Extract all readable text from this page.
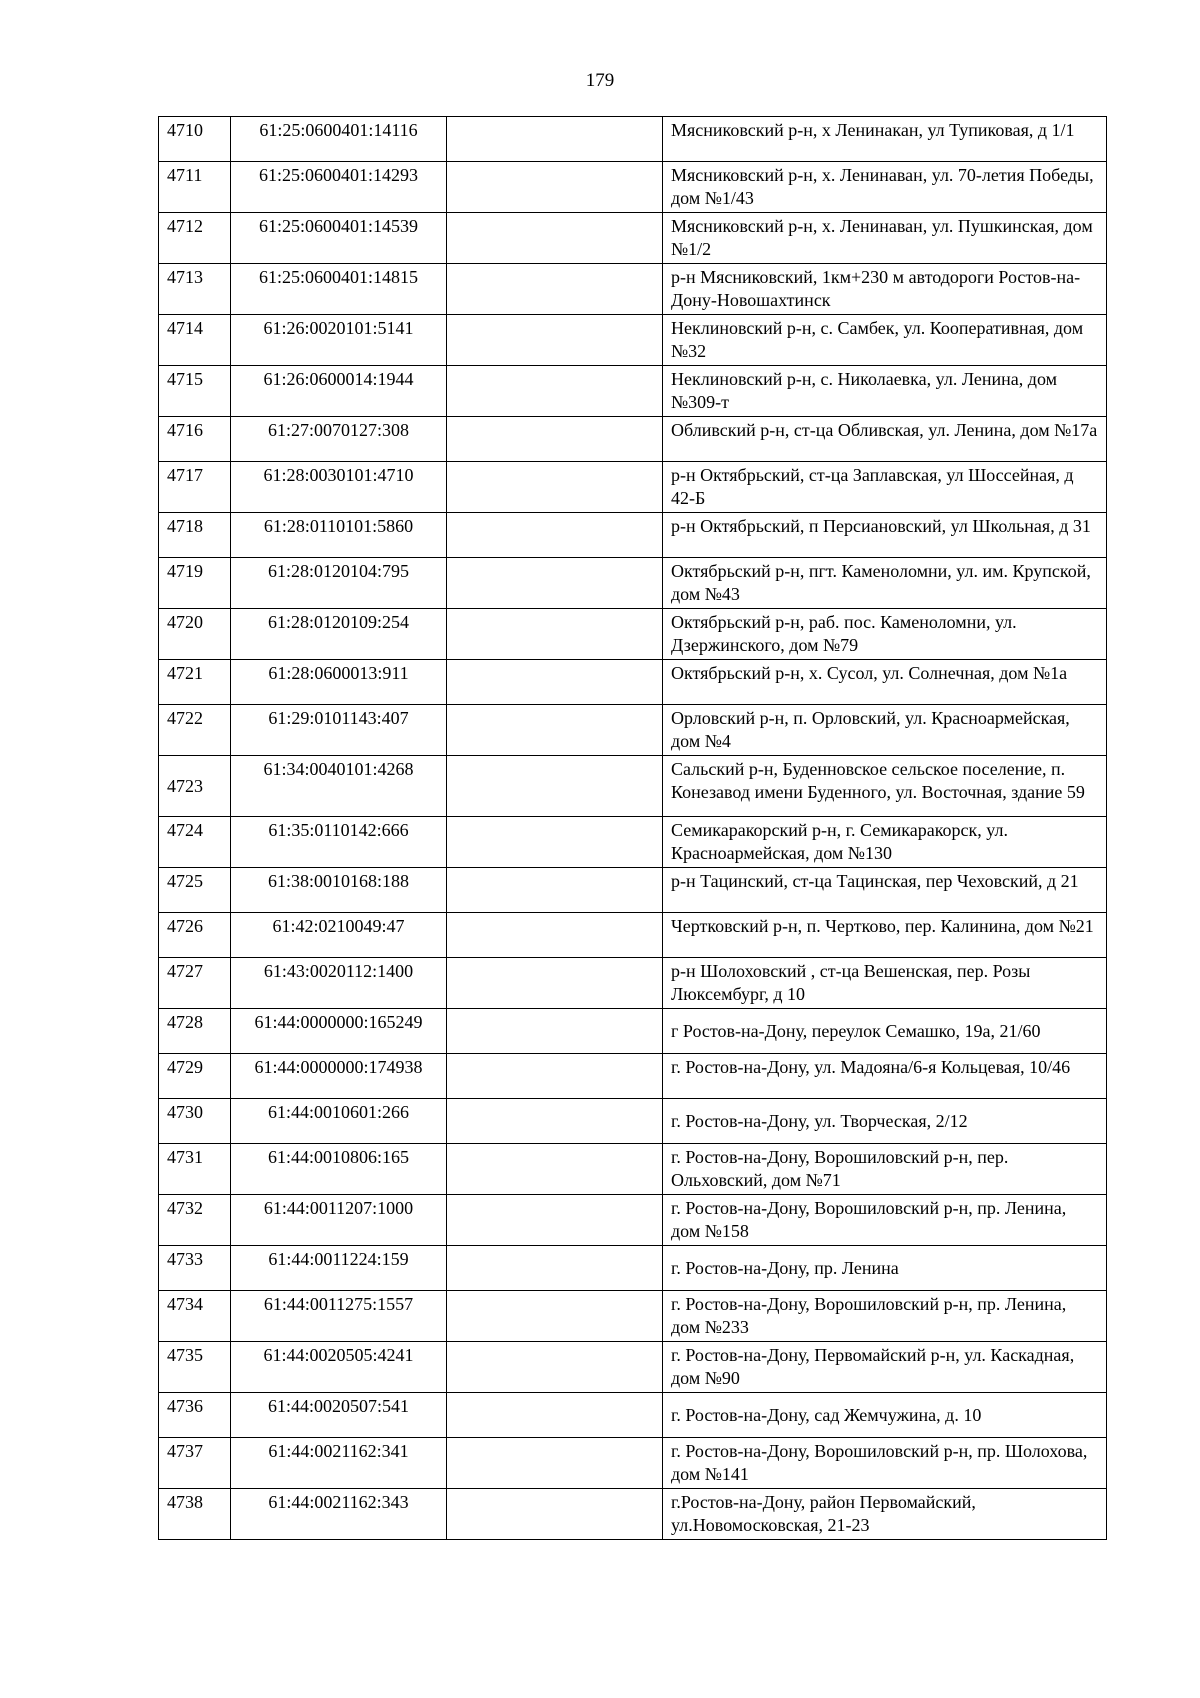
179
4710	61:25:0600401:14116		Мясниковский р-н, х Ленинакан, ул Тупиковая, д 1/1
4711	61:25:0600401:14293		Мясниковский р-н, х. Ленинаван, ул. 70-летия Победы, дом №1/43
4712	61:25:0600401:14539		Мясниковский р-н, х. Ленинаван, ул. Пушкинская, дом №1/2
4713	61:25:0600401:14815		р-н Мясниковский, 1км+230 м автодороги Ростов-на-Дону-Новошахтинск
4714	61:26:0020101:5141		Неклиновский р-н, с. Самбек, ул. Кооперативная, дом №32
4715	61:26:0600014:1944		Неклиновский р-н, с. Николаевка, ул. Ленина, дом №309-т
4716	61:27:0070127:308		Обливский р-н, ст-ца Обливская, ул. Ленина, дом №17а
4717	61:28:0030101:4710		р-н Октябрьский, ст-ца Заплавская, ул Шоссейная, д 42-Б
4718	61:28:0110101:5860		р-н Октябрьский, п Персиановский, ул Школьная, д 31
4719	61:28:0120104:795		Октябрьский р-н, пгт. Каменоломни, ул. им. Крупской, дом №43
4720	61:28:0120109:254		Октябрьский р-н, раб. пос. Каменоломни, ул. Дзержинского, дом №79
4721	61:28:0600013:911		Октябрьский р-н, х. Сусол, ул. Солнечная, дом №1а
4722	61:29:0101143:407		Орловский р-н, п. Орловский, ул. Красноармейская, дом №4
4723	61:34:0040101:4268		Сальский р-н, Буденновское сельское поселение, п. Конезавод имени Буденного, ул. Восточная, здание 59
4724	61:35:0110142:666		Семикаракорский р-н, г. Семикаракорск, ул. Красноармейская, дом №130
4725	61:38:0010168:188		р-н Тацинский, ст-ца Тацинская, пер Чеховский, д 21
4726	61:42:0210049:47		Чертковский р-н, п. Чертково, пер. Калинина, дом №21
4727	61:43:0020112:1400		р-н Шолоховский , ст-ца Вешенская, пер. Розы Люксембург, д 10
4728	61:44:0000000:165249		г Ростов-на-Дону, переулок Семашко, 19а, 21/60
4729	61:44:0000000:174938		г. Ростов-на-Дону, ул. Мадояна/6-я Кольцевая, 10/46
4730	61:44:0010601:266		г. Ростов-на-Дону, ул. Творческая, 2/12
4731	61:44:0010806:165		г. Ростов-на-Дону, Ворошиловский р-н, пер. Ольховский, дом №71
4732	61:44:0011207:1000		г. Ростов-на-Дону, Ворошиловский р-н, пр. Ленина, дом №158
4733	61:44:0011224:159		г. Ростов-на-Дону, пр. Ленина
4734	61:44:0011275:1557		г. Ростов-на-Дону, Ворошиловский р-н, пр. Ленина, дом №233
4735	61:44:0020505:4241		г. Ростов-на-Дону, Первомайский р-н, ул. Каскадная, дом №90
4736	61:44:0020507:541		г. Ростов-на-Дону, сад Жемчужина, д. 10
4737	61:44:0021162:341		г. Ростов-на-Дону, Ворошиловский р-н, пр. Шолохова, дом №141
4738	61:44:0021162:343		г.Ростов-на-Дону, район Первомайский, ул.Новомосковская, 21-23
